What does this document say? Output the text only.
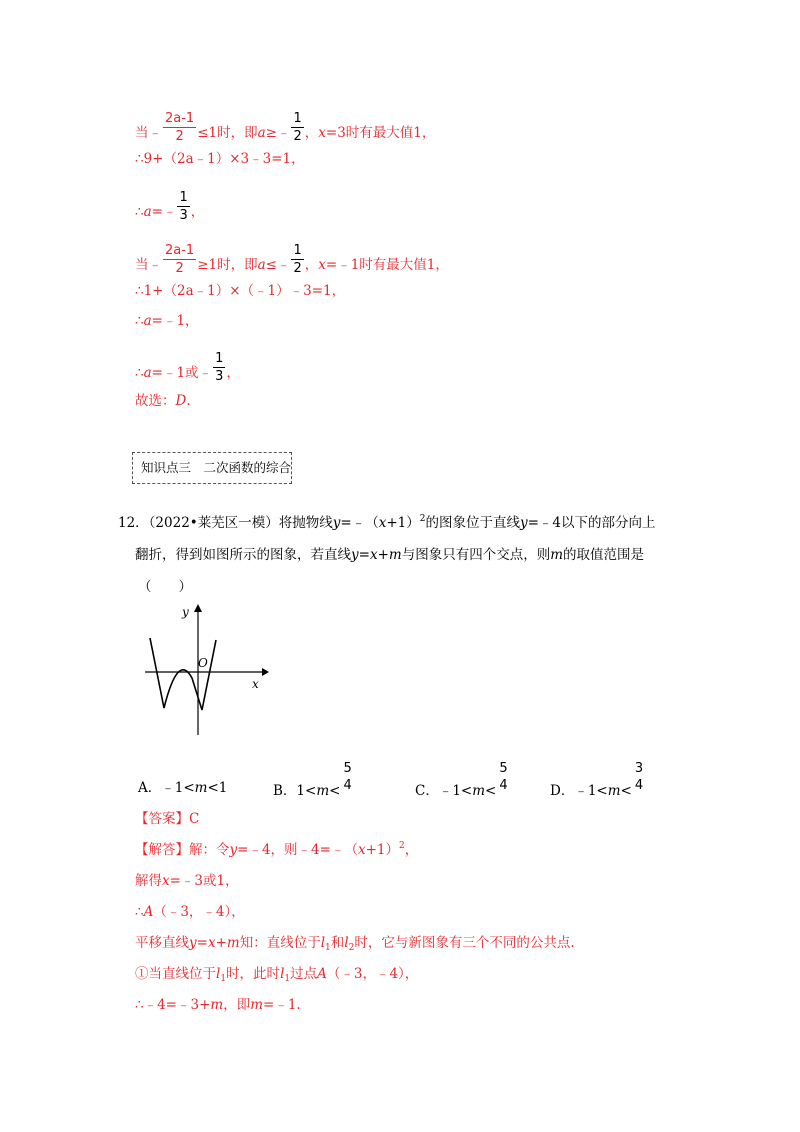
当﹣ $\frac{2a-1}{2} \le 1$时，即a≥﹣ $\frac{1}{2}$ ，x=3时有最大值1，
∴9+（2a﹣1）×3﹣3=1，
∴a=﹣ $\frac{1}{3}$ ，
当﹣ $\frac{2a-1}{2} \ge 1$时，即a≤﹣ $\frac{1}{2}$ ，x=﹣1时有最大值1，
∴1+（2a﹣1）×（﹣1）﹣3=1，
∴a=﹣1，
∴a=﹣1或﹣ $\frac{1}{3}$ ，
故选：D.
知识点三　二次函数的综合
12．（2022•莱芜区一模）将抛物线$y=﹣(x+1)^2$的图象位于直线y=﹣4以下的部分向上
翻折，得到如图所示的图象，若直线y=x+m与图象只有四个交点，则m的取值范围是
（　　）
y
x
O
A．﹣1<m<1	B．1<m<
5
4	C．﹣1<m<
5
4	D．﹣1<m<
3
4
【答案】C
【解答】解：令y=﹣4，则$﹣4=﹣(x+1)^2$，
解得x=﹣3或1，
∴A（﹣3，﹣4），
平移直线y=x+m知：直线位于$l_1$和$l_2$时，它与新图象有三个不同的公共点.
①当直线位于$l_1$时，此时$l_1$过点A（﹣3，﹣4），
∴﹣4=﹣3+m，即m=﹣1.
